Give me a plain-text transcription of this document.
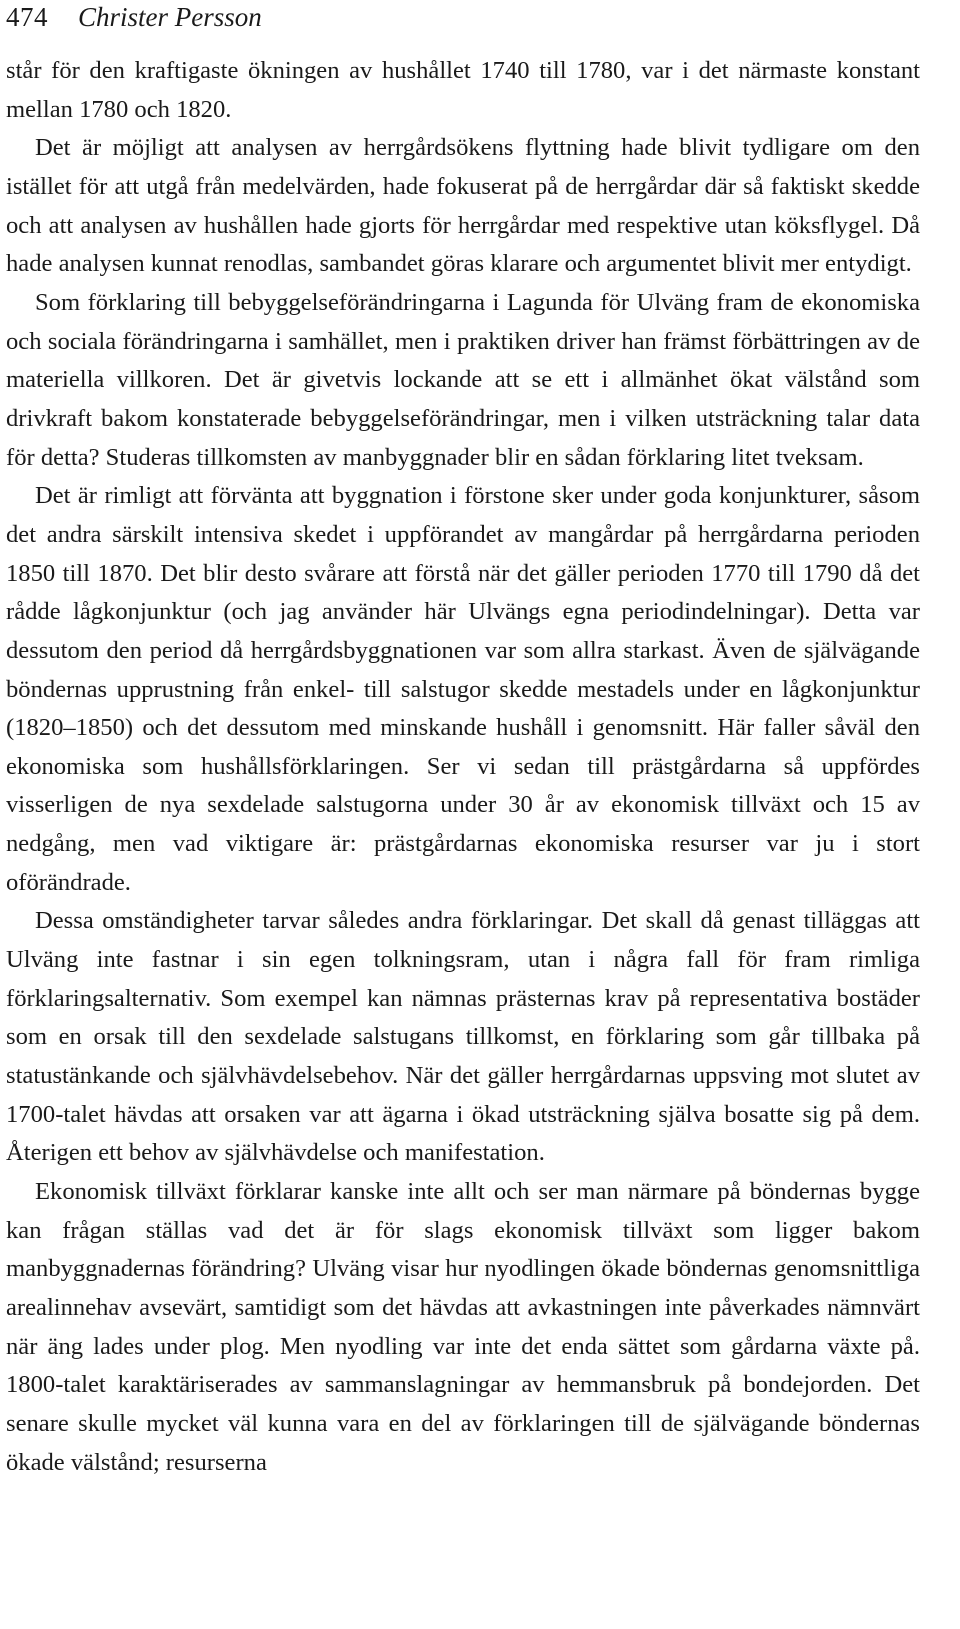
474 Christer Persson

står för den kraftigaste ökningen av hushållet 1740 till 1780, var i det närmaste konstant mellan 1780 och 1820.

Det är möjligt att analysen av herrgårdsökens flyttning hade blivit tydligare om den istället för att utgå från medelvärden, hade fokuserat på de herrgårdar där så faktiskt skedde och att analysen av hushållen hade gjorts för herrgårdar med respektive utan köksflygel. Då hade analysen kunnat renodlas, sambandet göras klarare och argumentet blivit mer entydigt.

Som förklaring till bebyggelseförändringarna i Lagunda för Ulväng fram de ekonomiska och sociala förändringarna i samhället, men i praktiken driver han främst förbättringen av de materiella villkoren. Det är givetvis lockande att se ett i allmänhet ökat välstånd som drivkraft bakom konstaterade bebyggelseförändringar, men i vilken utsträckning talar data för detta? Studeras tillkomsten av manbyggnader blir en sådan förklaring litet tveksam.

Det är rimligt att förvänta att byggnation i förstone sker under goda konjunkturer, såsom det andra särskilt intensiva skedet i uppförandet av mangårdar på herrgårdarna perioden 1850 till 1870. Det blir desto svårare att förstå när det gäller perioden 1770 till 1790 då det rådde lågkonjunktur (och jag använder här Ulvängs egna periodindelningar). Detta var dessutom den period då herrgårdsbyggnationen var som allra starkast. Även de självägande böndernas upprustning från enkel- till salstugor skedde mestadels under en lågkonjunktur (1820–1850) och det dessutom med minskande hushåll i genomsnitt. Här faller såväl den ekonomiska som hushållsförklaringen. Ser vi sedan till prästgårdarna så uppfördes visserligen de nya sexdelade salstugorna under 30 år av ekonomisk tillväxt och 15 av nedgång, men vad viktigare är: prästgårdarnas ekonomiska resurser var ju i stort oförändrade.

Dessa omständigheter tarvar således andra förklaringar. Det skall då genast tilläggas att Ulväng inte fastnar i sin egen tolkningsram, utan i några fall för fram rimliga förklaringsalternativ. Som exempel kan nämnas prästernas krav på representativa bostäder som en orsak till den sexdelade salstugans tillkomst, en förklaring som går tillbaka på statustänkande och självhävdelsebehov. När det gäller herrgårdarnas uppsving mot slutet av 1700-talet hävdas att orsaken var att ägarna i ökad utsträckning själva bosatte sig på dem. Återigen ett behov av självhävdelse och manifestation.

Ekonomisk tillväxt förklarar kanske inte allt och ser man närmare på böndernas bygge kan frågan ställas vad det är för slags ekonomisk tillväxt som ligger bakom manbyggnadernas förändring? Ulväng visar hur nyodlingen ökade böndernas genomsnittliga arealinnehav avsevärt, samtidigt som det hävdas att avkastningen inte påverkades nämnvärt när äng lades under plog. Men nyodling var inte det enda sättet som gårdarna växte på. 1800-talet karaktäriserades av sammanslagningar av hemmansbruk på bondejorden. Det senare skulle mycket väl kunna vara en del av förklaringen till de självägande böndernas ökade välstånd; resurserna
